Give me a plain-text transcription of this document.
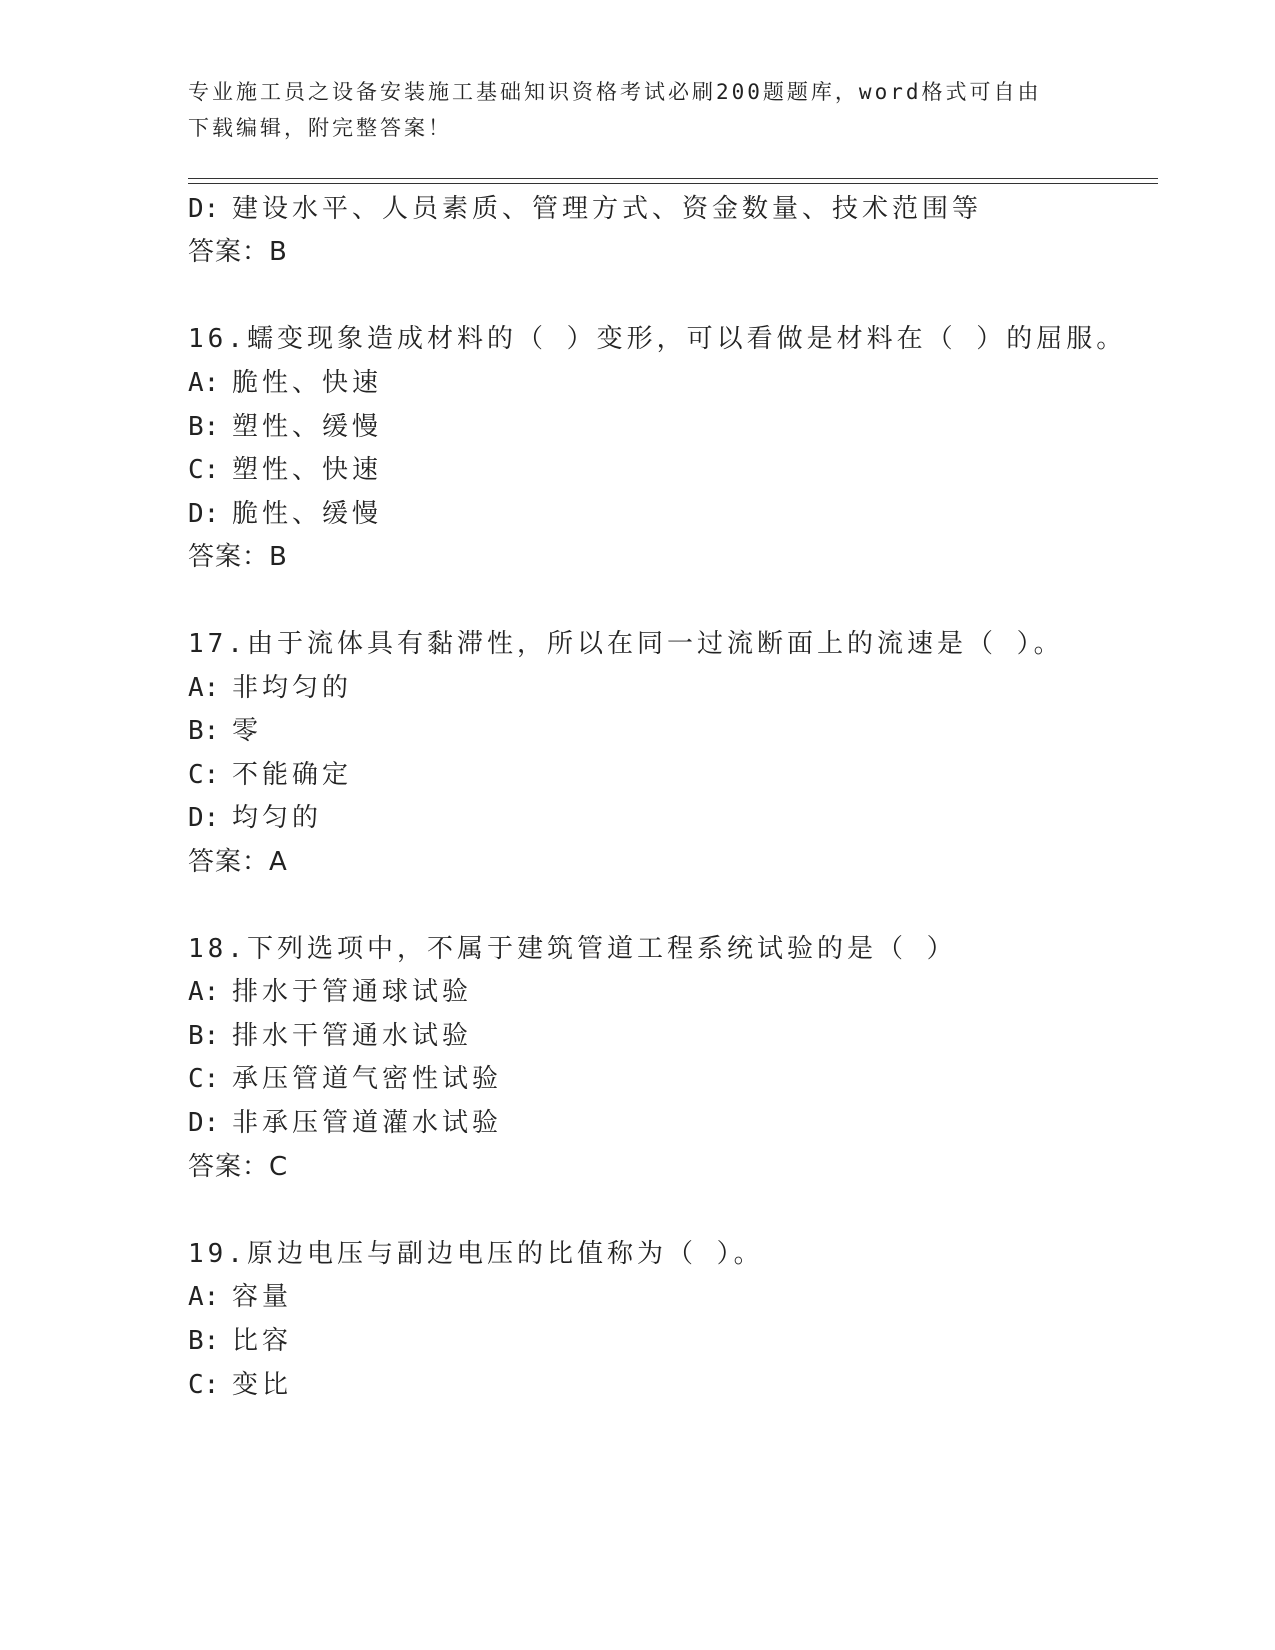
专业施工员之设备安装施工基础知识资格考试必刷200题题库，word格式可自由
下载编辑，附完整答案！
D: 建设水平、人员素质、管理方式、资金数量、技术范围等
答案：B
16.蠕变现象造成材料的（ ）变形，可以看做是材料在（ ）的屈服。
A: 脆性、快速
B: 塑性、缓慢
C: 塑性、快速
D: 脆性、缓慢
答案：B
17.由于流体具有黏滞性，所以在同一过流断面上的流速是（ ）。
A: 非均匀的
B: 零
C: 不能确定
D: 均匀的
答案：A
18.下列选项中，不属于建筑管道工程系统试验的是（ ）
A: 排水于管通球试验
B: 排水干管通水试验
C: 承压管道气密性试验
D: 非承压管道灌水试验
答案：C
19.原边电压与副边电压的比值称为（ ）。
A: 容量
B: 比容
C: 变比
